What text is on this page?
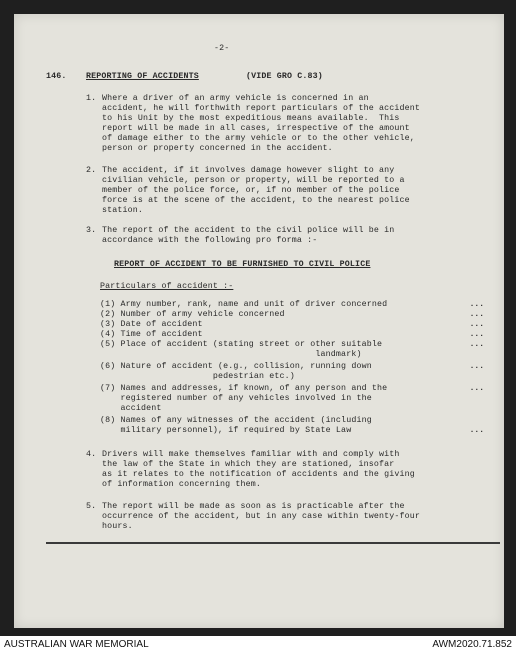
-2-
146. REPORTING OF ACCIDENTS	(VIDE GRO C.83)
1. Where a driver of an army vehicle is concerned in an
accident, he will forthwith report particulars of the accident
to his Unit by the most expeditious means available.  This
report will be made in all cases, irrespective of the amount
of damage either to the army vehicle or to the other vehicle,
person or property concerned in the accident.
2. The accident, if it involves damage however slight to any
civilian vehicle, person or property, will be reported to a
member of the police force, or, if no member of the police
force is at the scene of the accident, to the nearest police
station.
3. The report of the accident to the civil police will be in
accordance with the following pro forma :-
REPORT OF ACCIDENT TO BE FURNISHED TO CIVIL POLICE
Particulars of accident :-
(1) Army number, rank, name and unit of driver concerned	...
(2) Number of army vehicle concerned	...
(3) Date of accident	...
(4) Time of accident	...
(5) Place of accident (stating street or other suitable
landmark)
...
(6) Nature of accident (e.g., collision, running down
pedestrian etc.)
...
(7) Names and addresses, if known, of any person and the
registered number of any vehicles involved in the
accident
...
(8) Names of any witnesses of the accident (including
military personnel), if required by State Law	...
4. Drivers will make themselves familiar with and comply with
the law of the State in which they are stationed, insofar
as it relates to the notification of accidents and the giving
of information concerning them.
5. The report will be made as soon as is practicable after the
occurrence of the accident, but in any case within twenty-four
hours.
AUSTRALIAN WAR MEMORIAL	AWM2020.71.852
